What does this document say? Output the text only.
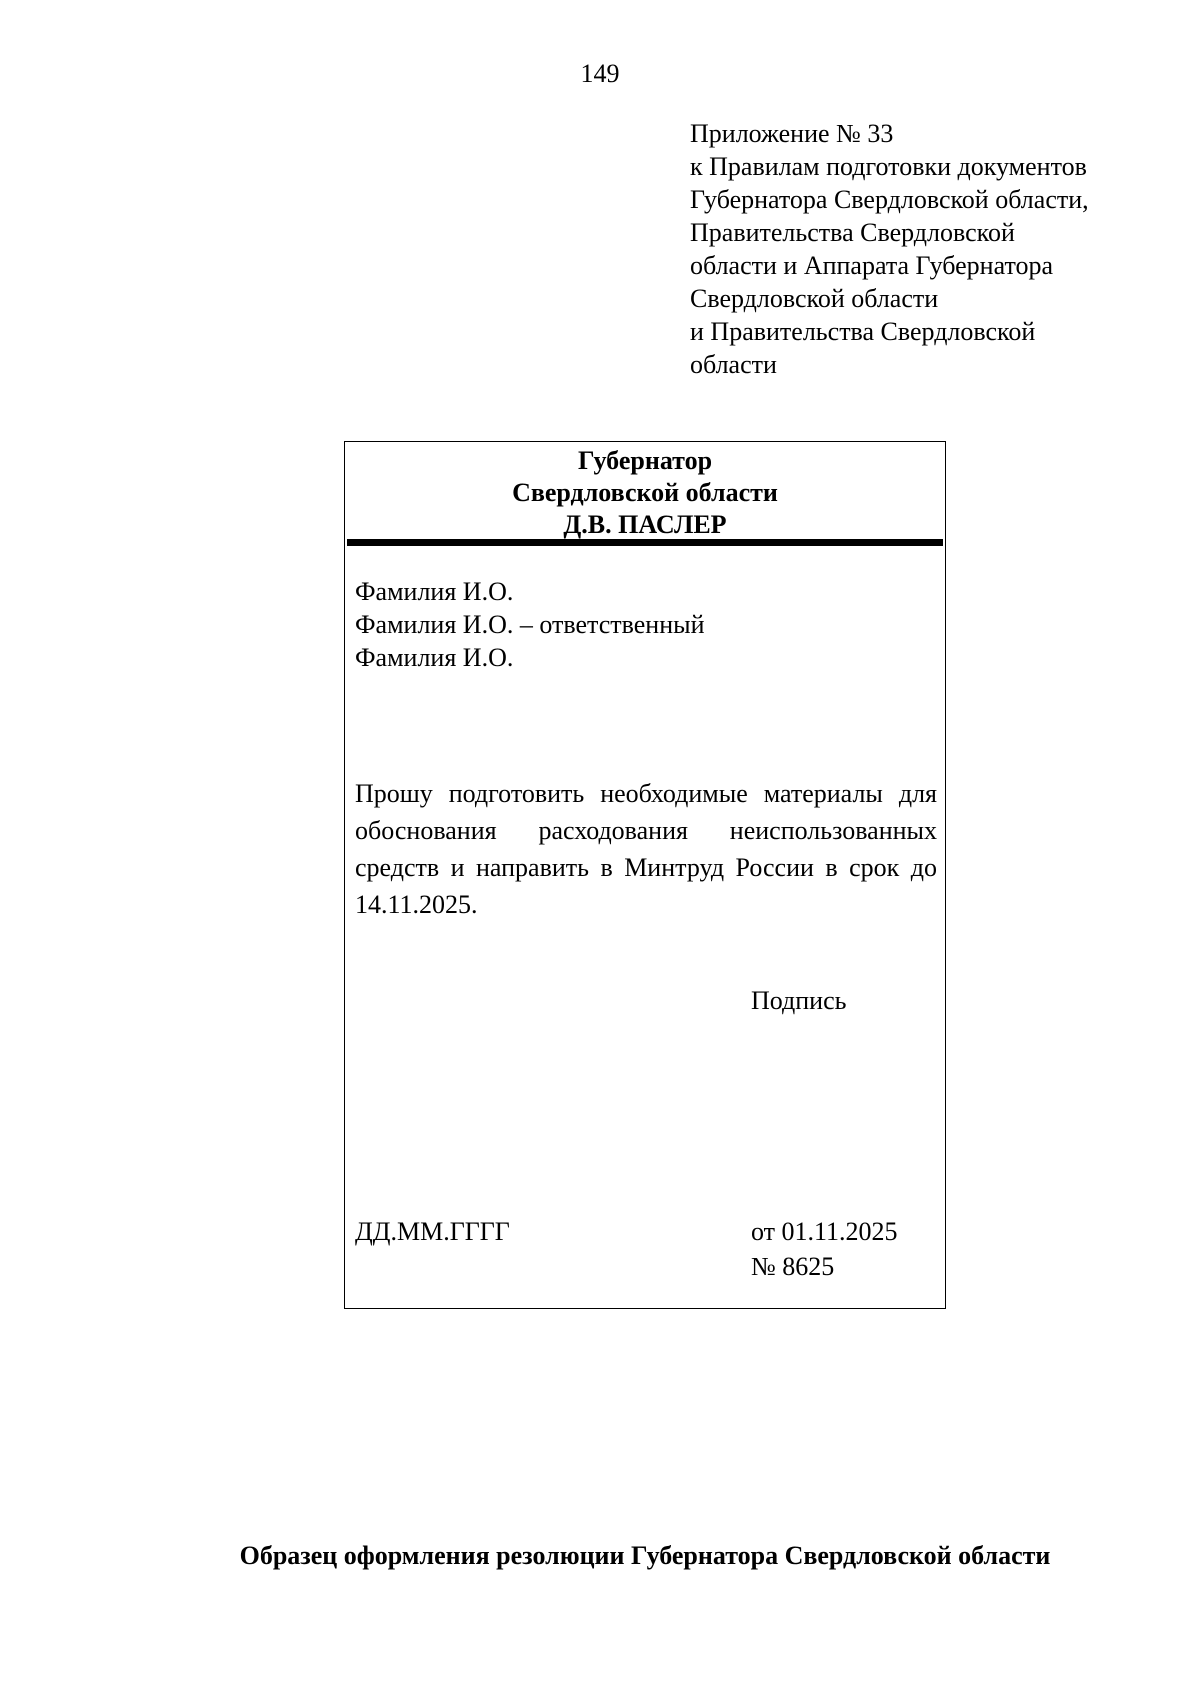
149
Приложение № 33
к Правилам подготовки документов
Губернатора Свердловской области,
Правительства Свердловской
области и Аппарата Губернатора
Свердловской области
и Правительства Свердловской
области
Губернатор
Свердловской области
Д.В. ПАСЛЕР
Фамилия И.О.
Фамилия И.О. – ответственный
Фамилия И.О.
Прошу подготовить необходимые материалы для обоснования расходования неиспользованных средств и направить в Минтруд России в срок до 14.11.2025.
Подпись
ДД.ММ.ГГГГ	от 01.11.2025
№ 8625
Образец оформления резолюции Губернатора Свердловской области
